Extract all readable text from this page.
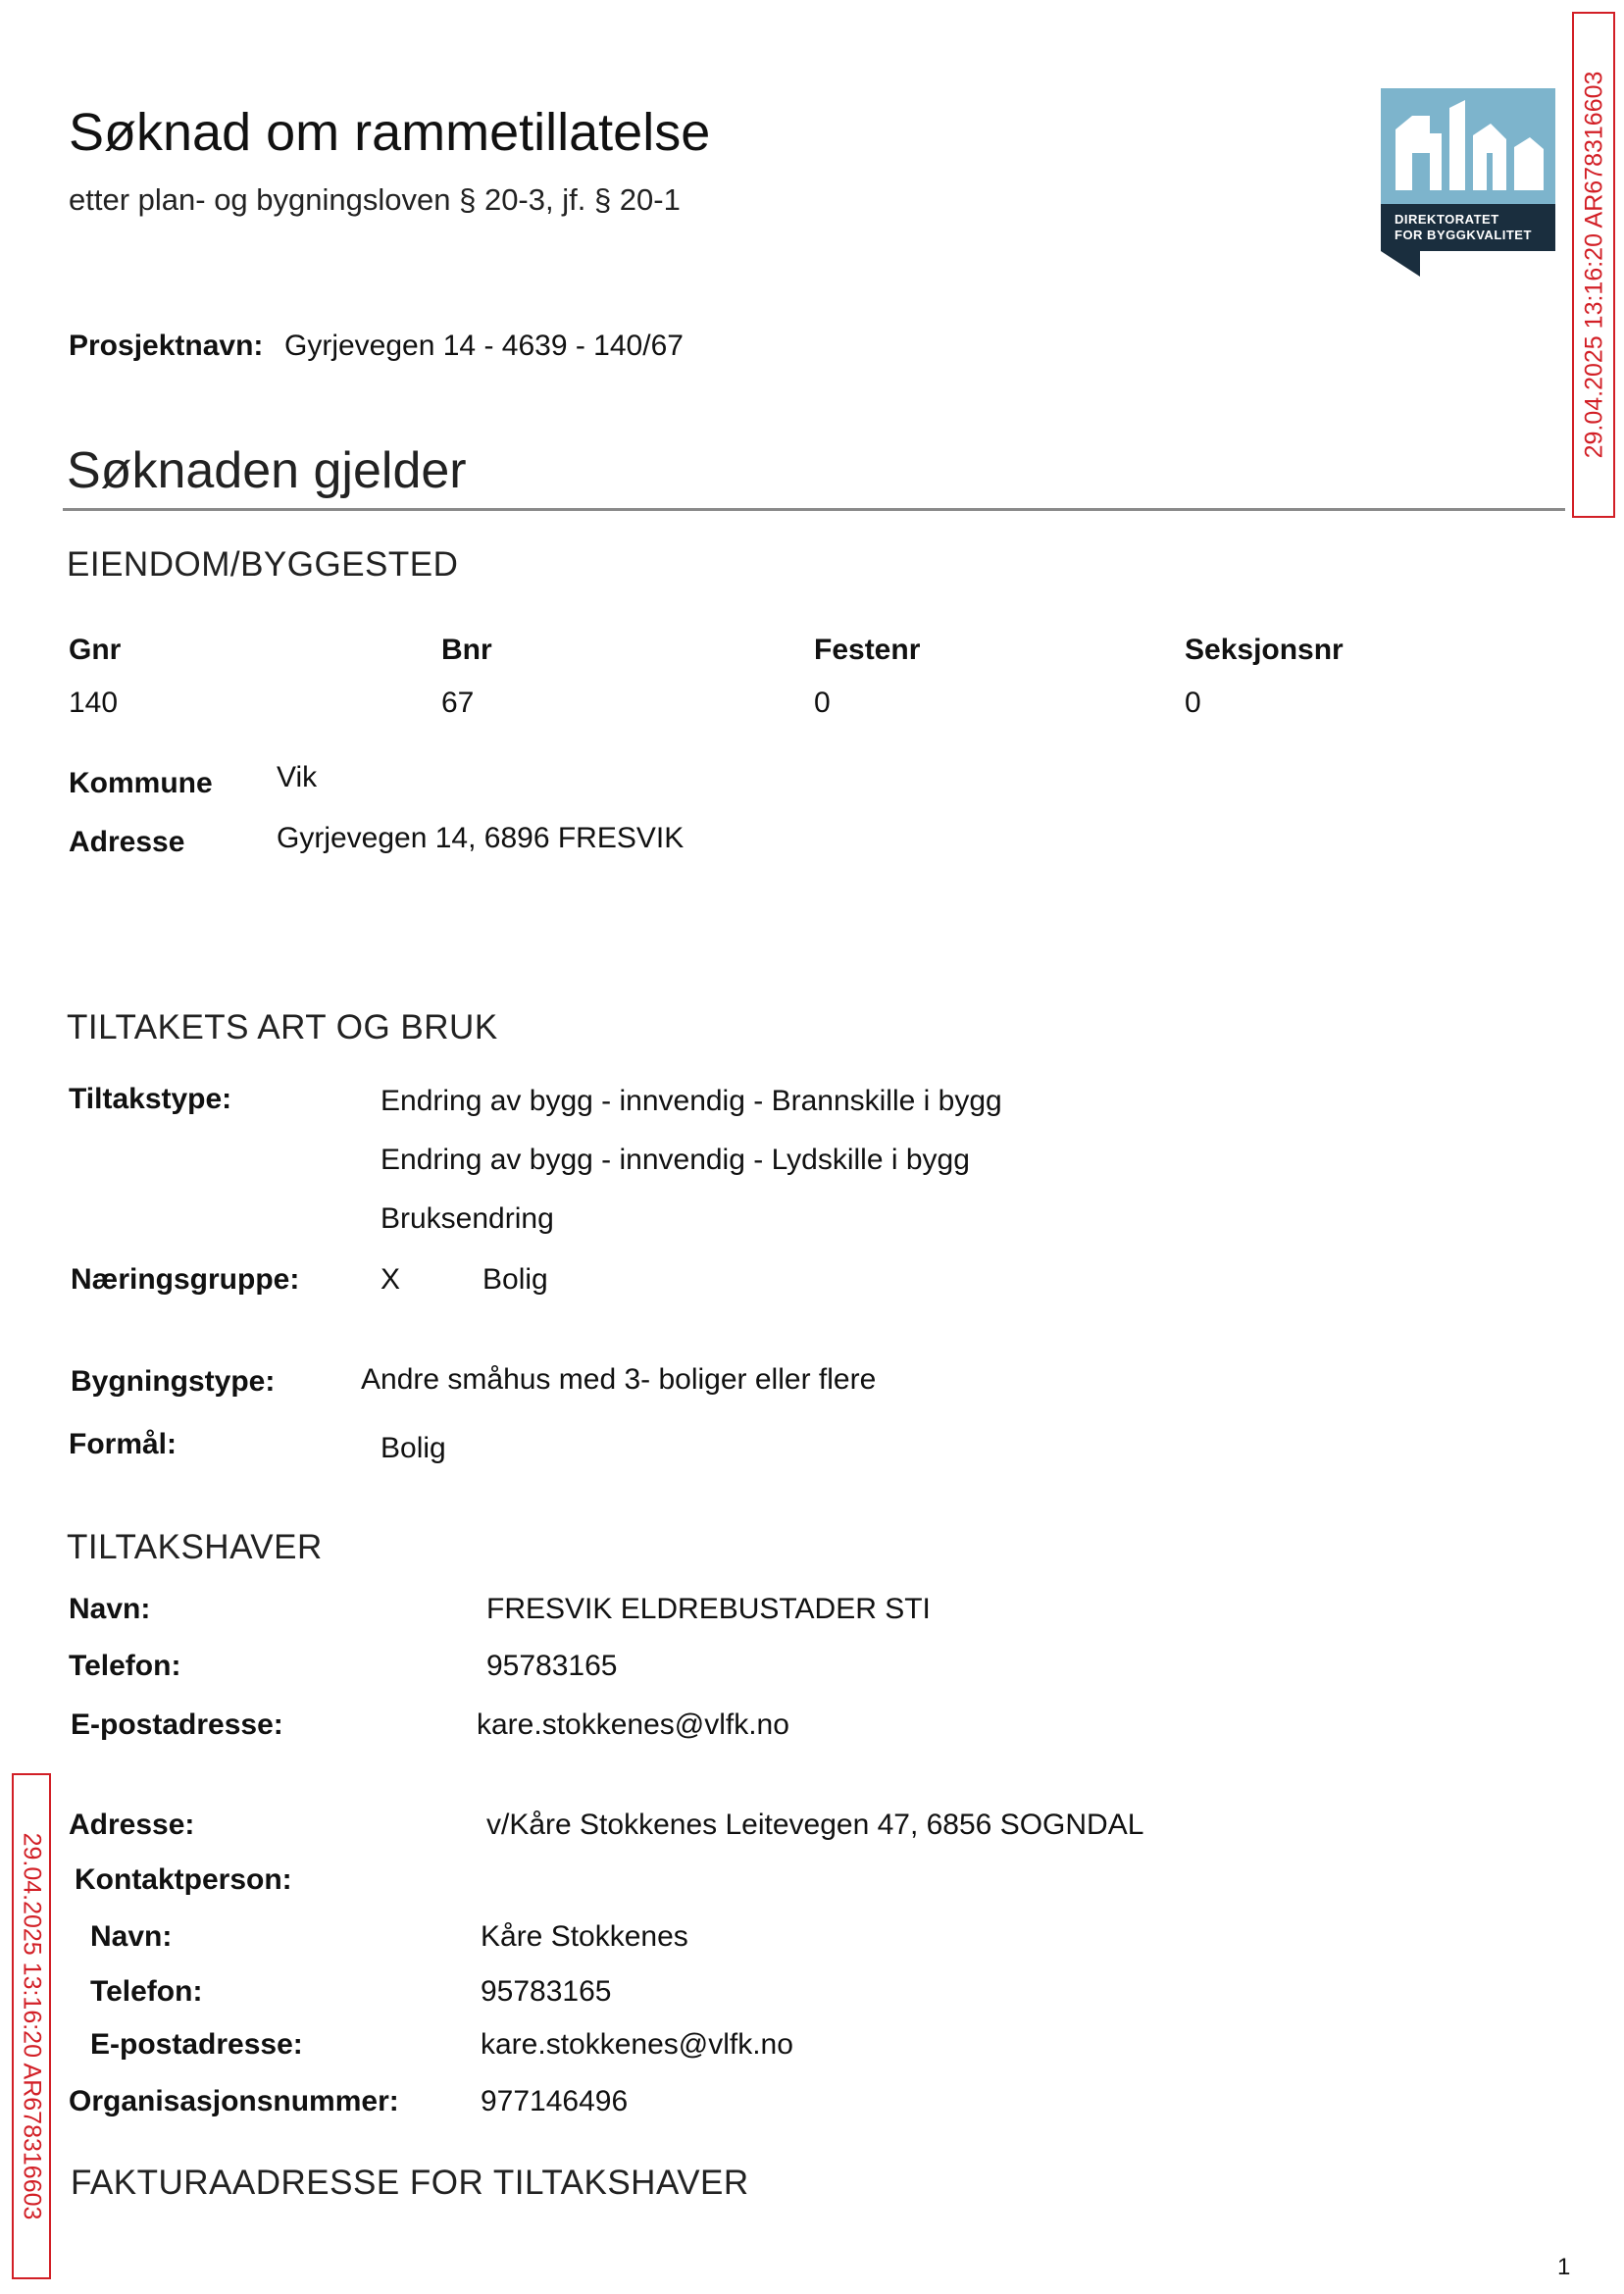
Søknad om rammetillatelse
etter plan- og bygningsloven § 20-3, jf. § 20-1
DIREKTORATET
FOR BYGGKVALITET 29.04.2025 13:16:20 AR678316603
Prosjektnavn: Gyrjevegen 14 - 4639 - 140/67
Søknaden gjelder
EIENDOM/BYGGESTED
Gnr	Bnr	Festenr	Seksjonsnr
140	67	0	0
Kommune Vik
Adresse	Gyrjevegen 14, 6896 FRESVIK
TILTAKETS ART OG BRUK
Tiltakstype:	Endring av bygg - innvendig - Brannskille i bygg
Endring av bygg - innvendig - Lydskille i bygg
Bruksendring
Næringsgruppe:	X	Bolig
Bygningstype:	Andre småhus med 3- boliger eller flere
Formål:	Bolig
TILTAKSHAVER
Navn:	FRESVIK ELDREBUSTADER STI
Telefon:	95783165
E-postadresse:	kare.stokkenes@vlfk.no
29.04.2025 13:16:20 AR678316603
Adresse:	v/Kåre Stokkenes Leitevegen 47, 6856 SOGNDAL
Kontaktperson:
Navn:	Kåre Stokkenes
Telefon:	95783165
E-postadresse:	kare.stokkenes@vlfk.no
Organisasjonsnummer:	977146496
FAKTURAADRESSE FOR TILTAKSHAVER
1
